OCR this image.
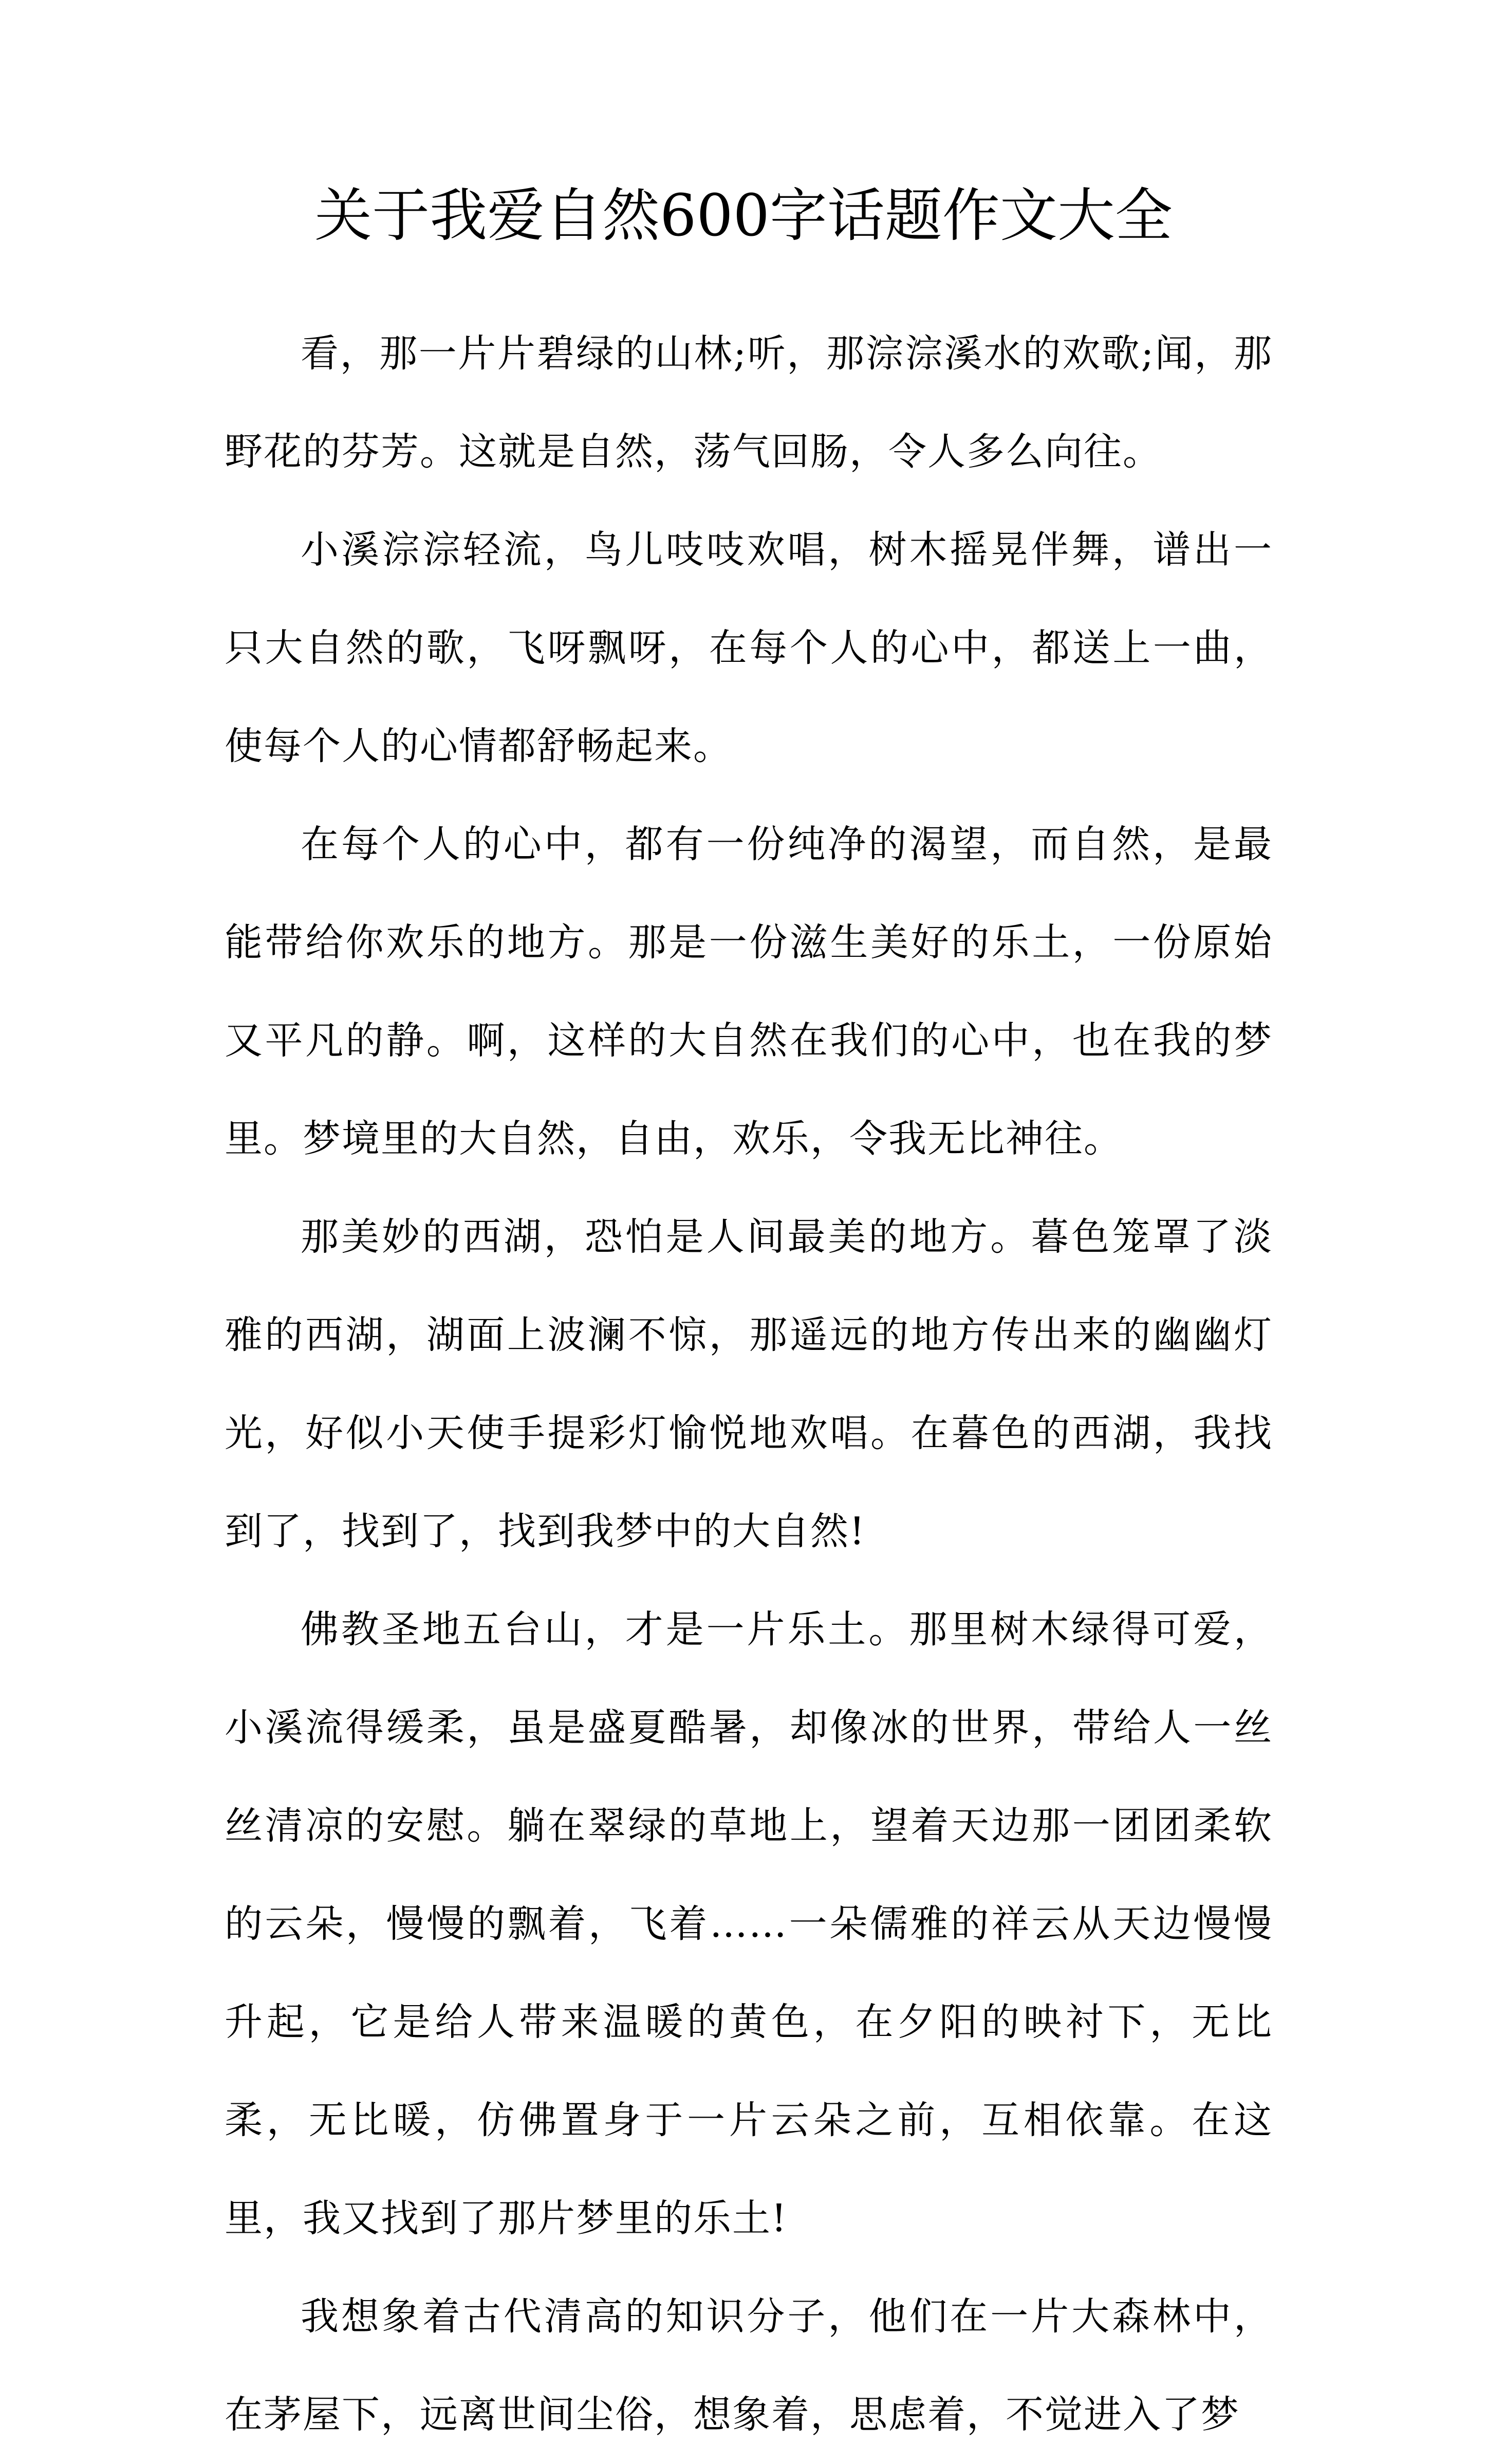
关于我爱自然600字话题作文大全

看，那一片片碧绿的山林;听，那淙淙溪水的欢歌;闻，那野花的芬芳。这就是自然，荡气回肠，令人多么向往。

小溪淙淙轻流，鸟儿吱吱欢唱，树木摇晃伴舞，谱出一只大自然的歌，飞呀飘呀，在每个人的心中，都送上一曲，使每个人的心情都舒畅起来。

在每个人的心中，都有一份纯净的渴望，而自然，是最能带给你欢乐的地方。那是一份滋生美好的乐土，一份原始又平凡的静。啊，这样的大自然在我们的心中，也在我的梦里。梦境里的大自然，自由，欢乐，令我无比神往。

那美妙的西湖，恐怕是人间最美的地方。暮色笼罩了淡雅的西湖，湖面上波澜不惊，那遥远的地方传出来的幽幽灯光，好似小天使手提彩灯愉悦地欢唱。在暮色的西湖，我找到了，找到了，找到我梦中的大自然!

佛教圣地五台山，才是一片乐土。那里树木绿得可爱，小溪流得缓柔，虽是盛夏酷暑，却像冰的世界，带给人一丝丝清凉的安慰。躺在翠绿的草地上，望着天边那一团团柔软的云朵，慢慢的飘着，飞着……一朵儒雅的祥云从天边慢慢升起，它是给人带来温暖的黄色，在夕阳的映衬下，无比柔，无比暖，仿佛置身于一片云朵之前，互相依靠。在这里，我又找到了那片梦里的乐土!

我想象着古代清高的知识分子，他们在一片大森林中，在茅屋下，远离世间尘俗，想象着，思虑着，不觉进入了梦
